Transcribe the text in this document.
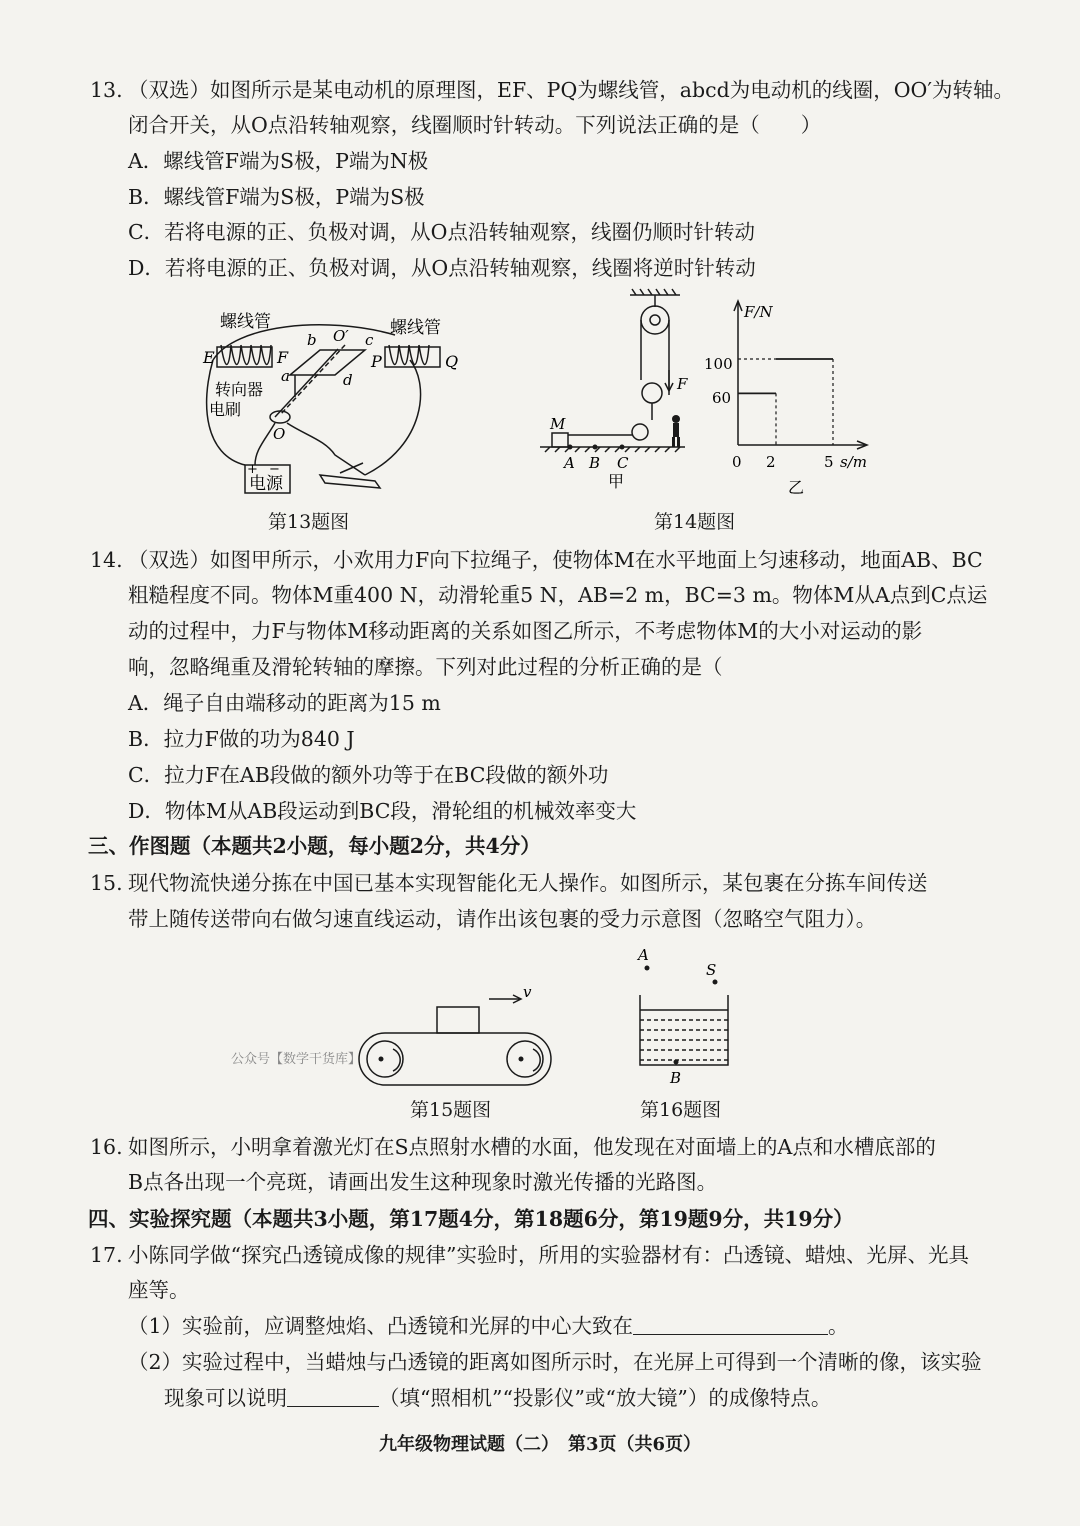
13. （双选）如图所示是某电动机的原理图，EF、PQ为螺线管，abcd为电动机的线圈，OO′为转轴。
闭合开关，从O点沿转轴观察，线圈顺时针转动。下列说法正确的是（　　）
A．螺线管F端为S极，P端为N极
B．螺线管F端为S极，P端为S极
C．若将电源的正、负极对调，从O点沿转轴观察，线圈仍顺时针转动
D．若将电源的正、负极对调，从O点沿转轴观察，线圈将逆时针转动
螺线管	螺线管
E	F	P	Q
a
b	c
d
O′
O
转向器
电刷
+ −
电源
第13题图
M
A B C
F
甲
F/N
s/m
100
60
0 2	5
乙
第14题图
14. （双选）如图甲所示，小欢用力F向下拉绳子，使物体M在水平地面上匀速移动，地面AB、BC
粗糙程度不同。物体M重400 N，动滑轮重5 N，AB=2 m，BC=3 m。物体M从A点到C点运
动的过程中，力F与物体M移动距离的关系如图乙所示，不考虑物体M的大小对运动的影
响，忽略绳重及滑轮转轴的摩擦。下列对此过程的分析正确的是（
A．绳子自由端移动的距离为15 m
B．拉力F做的功为840 J
C．拉力F在AB段做的额外功等于在BC段做的额外功
D．物体M从AB段运动到BC段，滑轮组的机械效率变大
三、作图题（本题共2小题，每小题2分，共4分）
15. 现代物流快递分拣在中国已基本实现智能化无人操作。如图所示，某包裹在分拣车间传送
带上随传送带向右做匀速直线运动，请作出该包裹的受力示意图（忽略空气阻力）。
v
公众号【数学干货库】
第15题图
A
S
B
第16题图
16. 如图所示，小明拿着激光灯在S点照射水槽的水面，他发现在对面墙上的A点和水槽底部的
B点各出现一个亮斑，请画出发生这种现象时激光传播的光路图。
四、实验探究题（本题共3小题，第17题4分，第18题6分，第19题9分，共19分）
17. 小陈同学做“探究凸透镜成像的规律”实验时，所用的实验器材有：凸透镜、蜡烛、光屏、光具
座等。
（1）实验前，应调整烛焰、凸透镜和光屏的中心大致在	。
（2）实验过程中，当蜡烛与凸透镜的距离如图所示时，在光屏上可得到一个清晰的像，该实验
现象可以说明	（填“照相机”“投影仪”或“放大镜”）的成像特点。
九年级物理试题（二）　第3页（共6页）
